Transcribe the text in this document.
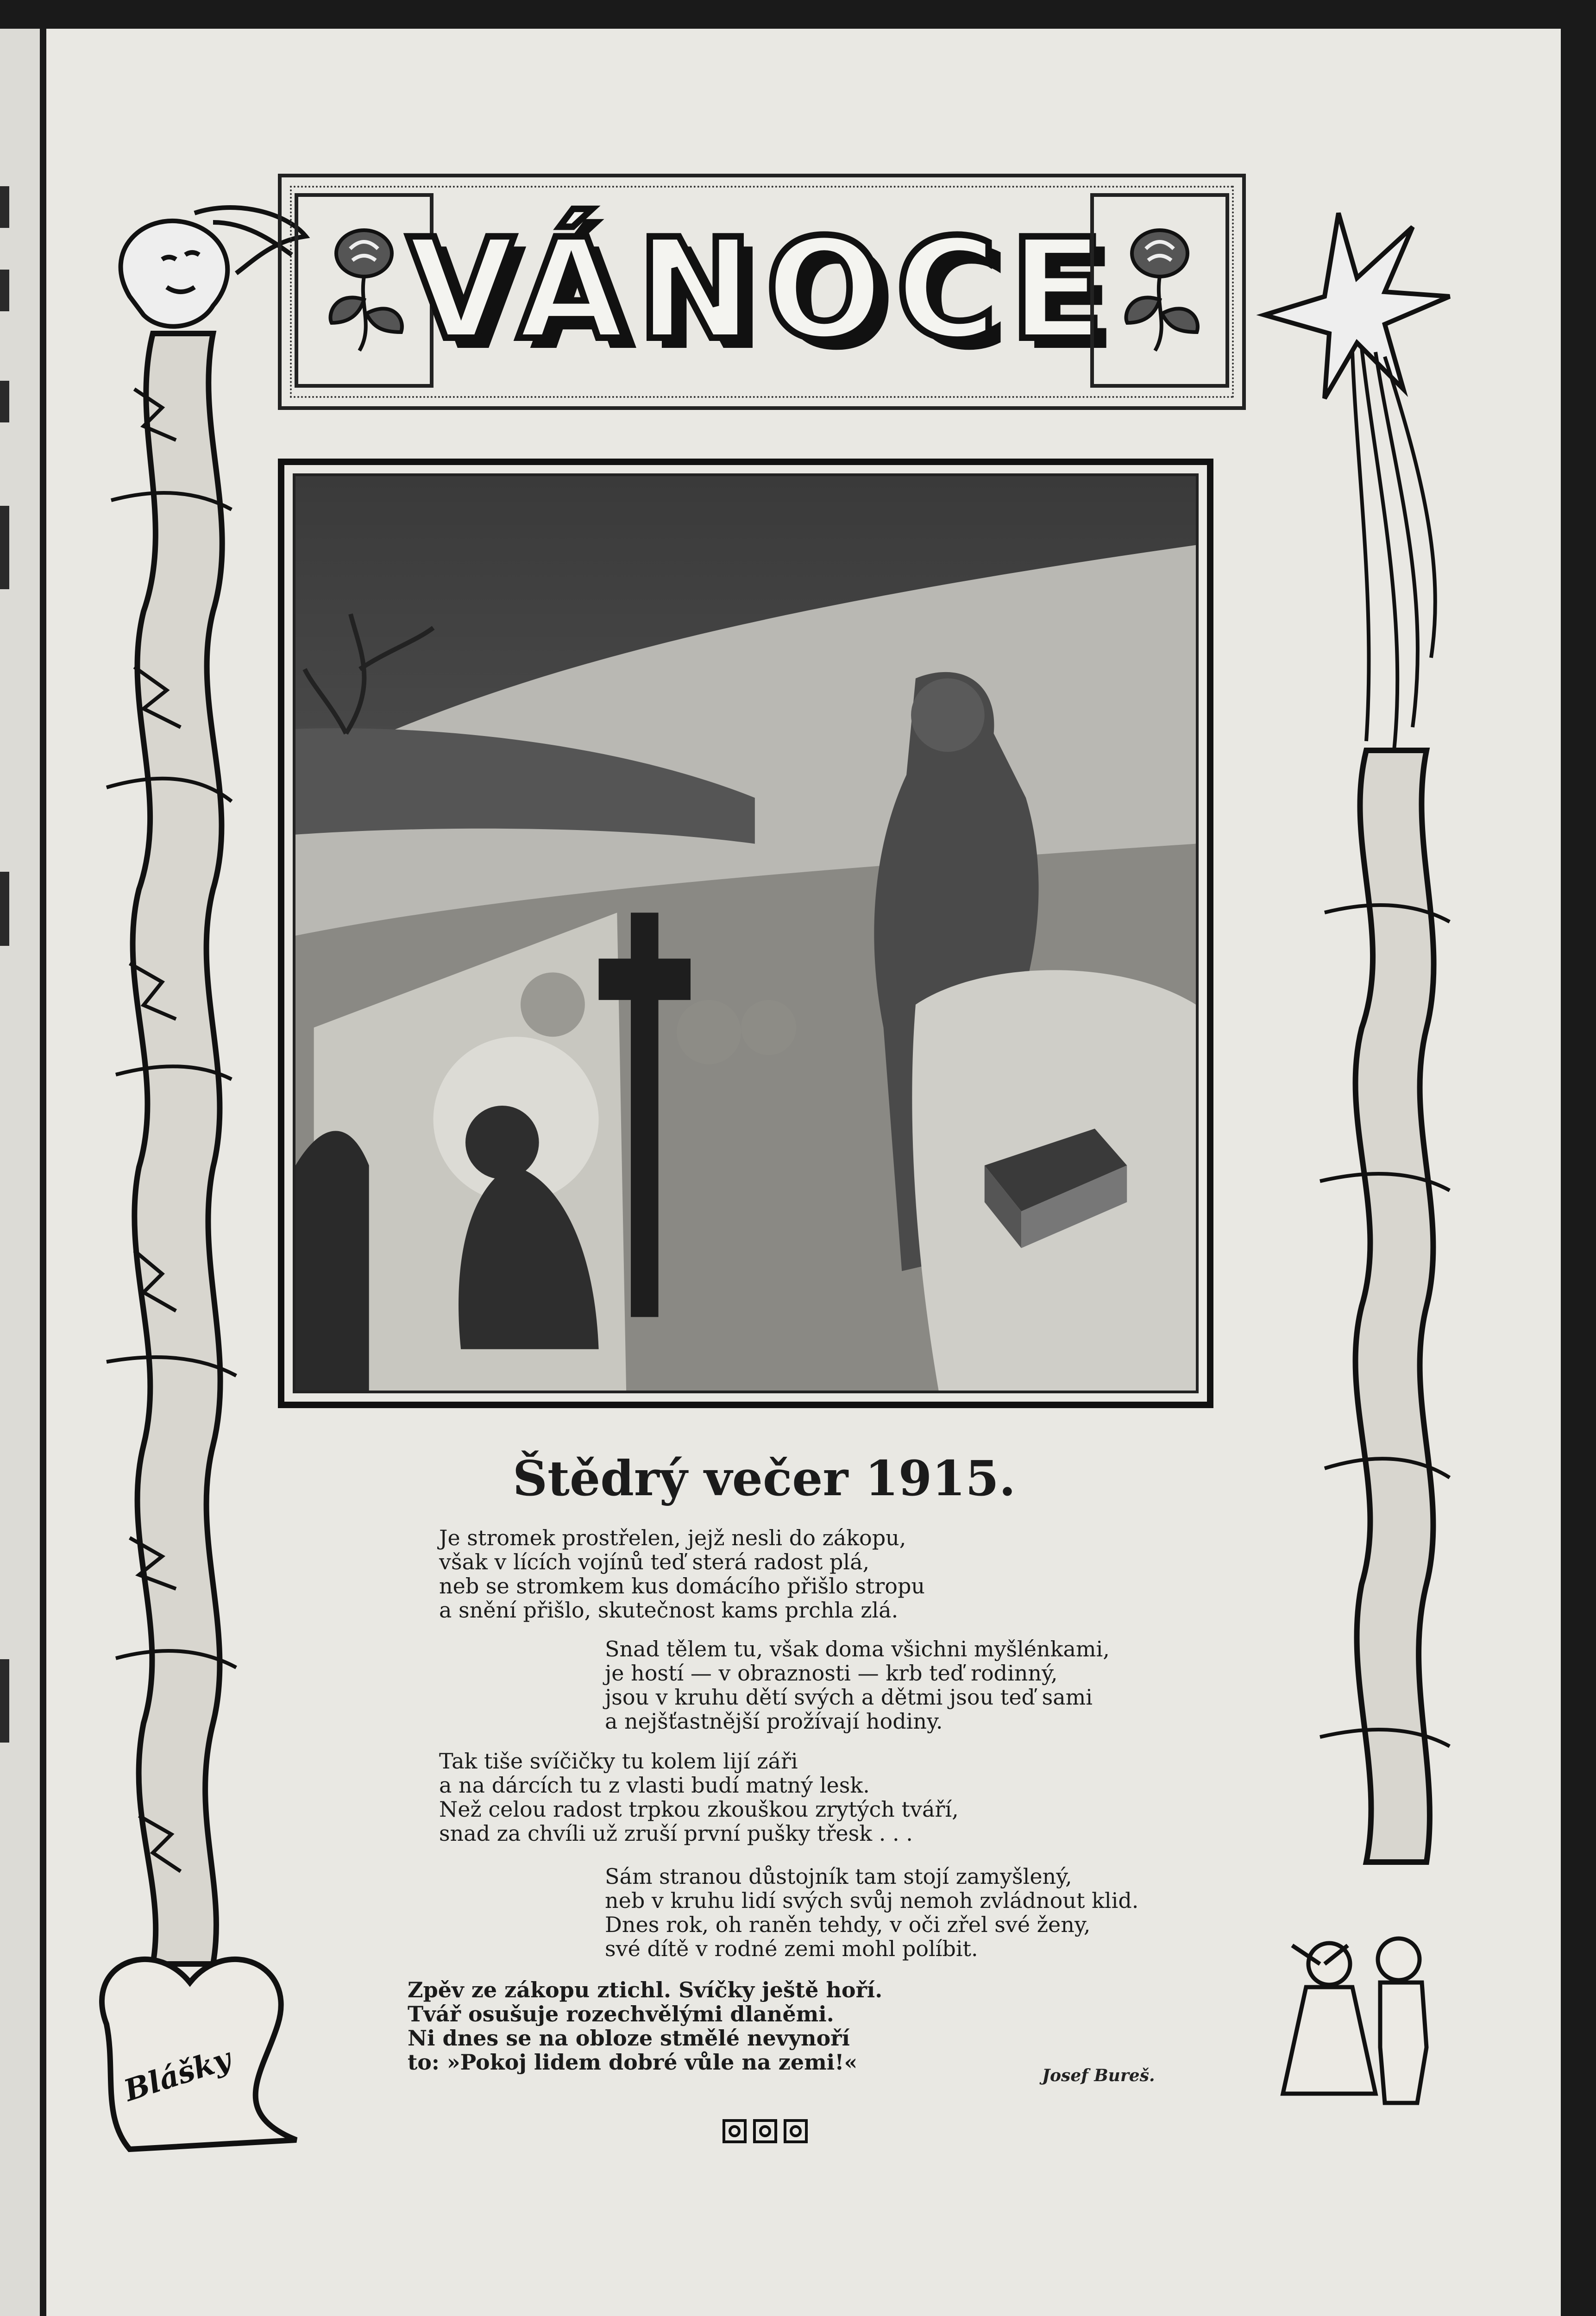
Blášky
VÁNOCE
Štědrý večer 1915.
Je stromek prostřelen, jejž nesli do zákopu,
však v lících vojínů teď sterá radost plá,
neb se stromkem kus domácího přišlo stropu
a snění přišlo, skutečnost kams prchla zlá.
Snad tělem tu, však doma všichni myšlénkami,
je hostí — v obraznosti — krb teď rodinný,
jsou v kruhu dětí svých a dětmi jsou teď sami
a nejšťastnější prožívají hodiny.
Tak tiše svíčičky tu kolem lijí záři
a na dárcích tu z vlasti budí matný lesk.
Než celou radost trpkou zkouškou zrytých tváří,
snad za chvíli už zruší první pušky třesk . . .
Sám stranou důstojník tam stojí zamyšlený,
neb v kruhu lidí svých svůj nemoh zvládnout klid.
Dnes rok, oh raněn tehdy, v oči zřel své ženy,
své dítě v rodné zemi mohl políbit.
Zpěv ze zákopu ztichl. Svíčky ještě hoří.
Tvář osušuje rozechvělými dlaněmi.
Ni dnes se na obloze stmělé nevynoří
to: »Pokoj lidem dobré vůle na zemi!«
Josef Bureš.
